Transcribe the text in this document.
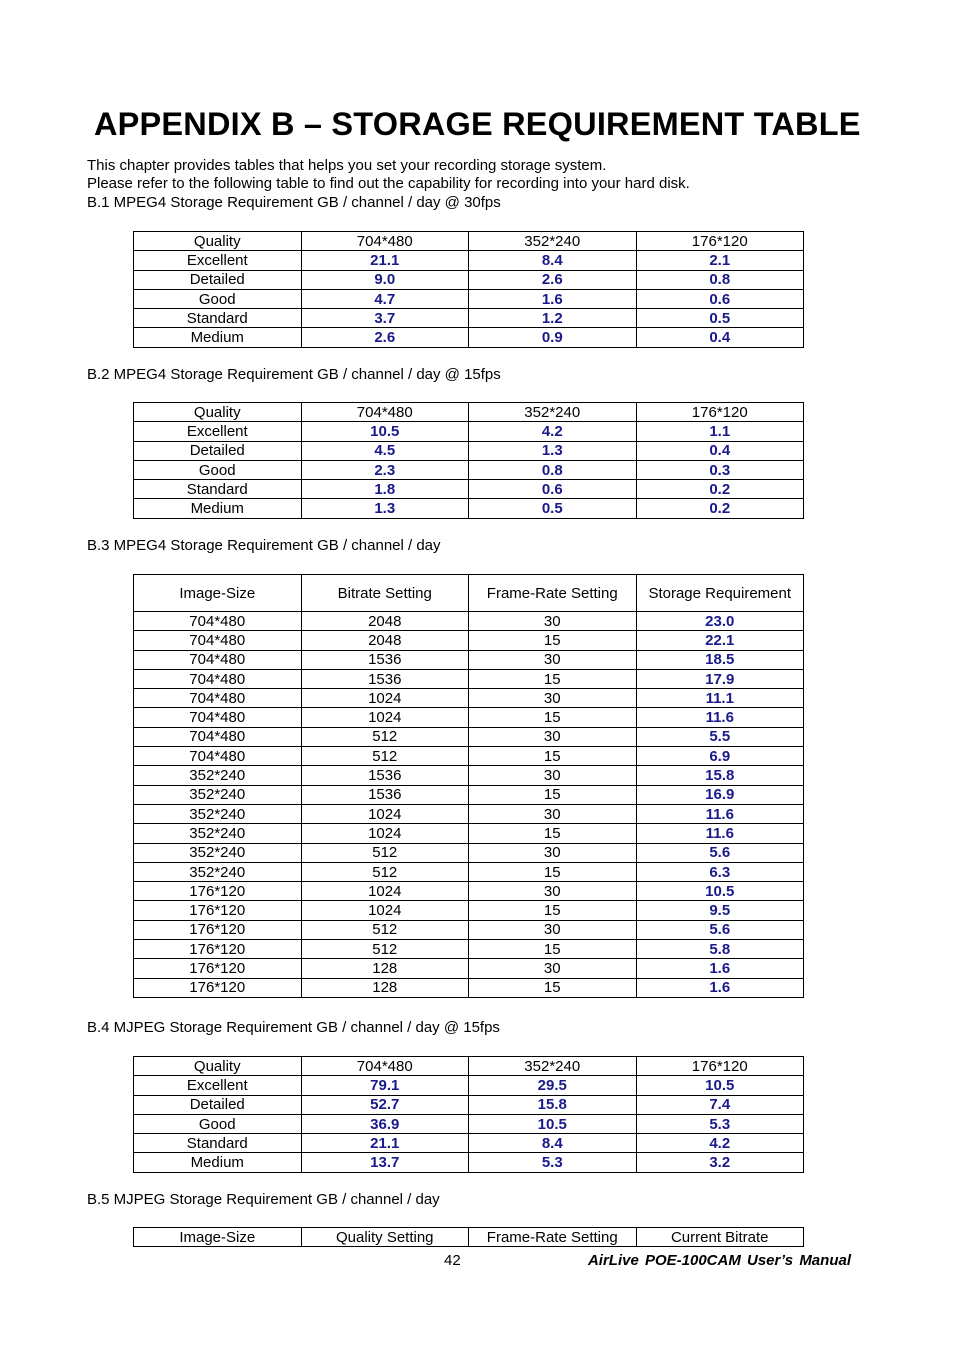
APPENDIX B – STORAGE REQUIREMENT TABLE
This chapter provides tables that helps you set your recording storage system.
Please refer to the following table to find out the capability for recording into your hard disk.
B.1 MPEG4 Storage Requirement GB / channel / day @ 30fps
Quality	704*480	352*240	176*120
Excellent	21.1	8.4	2.1
Detailed	9.0	2.6	0.8
Good	4.7	1.6	0.6
Standard	3.7	1.2	0.5
Medium	2.6	0.9	0.4
B.2 MPEG4 Storage Requirement GB / channel / day @ 15fps
Quality	704*480	352*240	176*120
Excellent	10.5	4.2	1.1
Detailed	4.5	1.3	0.4
Good	2.3	0.8	0.3
Standard	1.8	0.6	0.2
Medium	1.3	0.5	0.2
B.3 MPEG4 Storage Requirement GB / channel / day
Image-Size	Bitrate Setting	Frame-Rate Setting	Storage Requirement
704*480	2048	30	23.0
704*480	2048	15	22.1
704*480	1536	30	18.5
704*480	1536	15	17.9
704*480	1024	30	11.1
704*480	1024	15	11.6
704*480	512	30	5.5
704*480	512	15	6.9
352*240	1536	30	15.8
352*240	1536	15	16.9
352*240	1024	30	11.6
352*240	1024	15	11.6
352*240	512	30	5.6
352*240	512	15	6.3
176*120	1024	30	10.5
176*120	1024	15	9.5
176*120	512	30	5.6
176*120	512	15	5.8
176*120	128	30	1.6
176*120	128	15	1.6
B.4 MJPEG Storage Requirement GB / channel / day @ 15fps
Quality	704*480	352*240	176*120
Excellent	79.1	29.5	10.5
Detailed	52.7	15.8	7.4
Good	36.9	10.5	5.3
Standard	21.1	8.4	4.2
Medium	13.7	5.3	3.2
B.5 MJPEG Storage Requirement GB / channel / day
Image-Size	Quality Setting	Frame-Rate Setting	Current Bitrate
42	AirLive POE-100CAM User’s Manual
